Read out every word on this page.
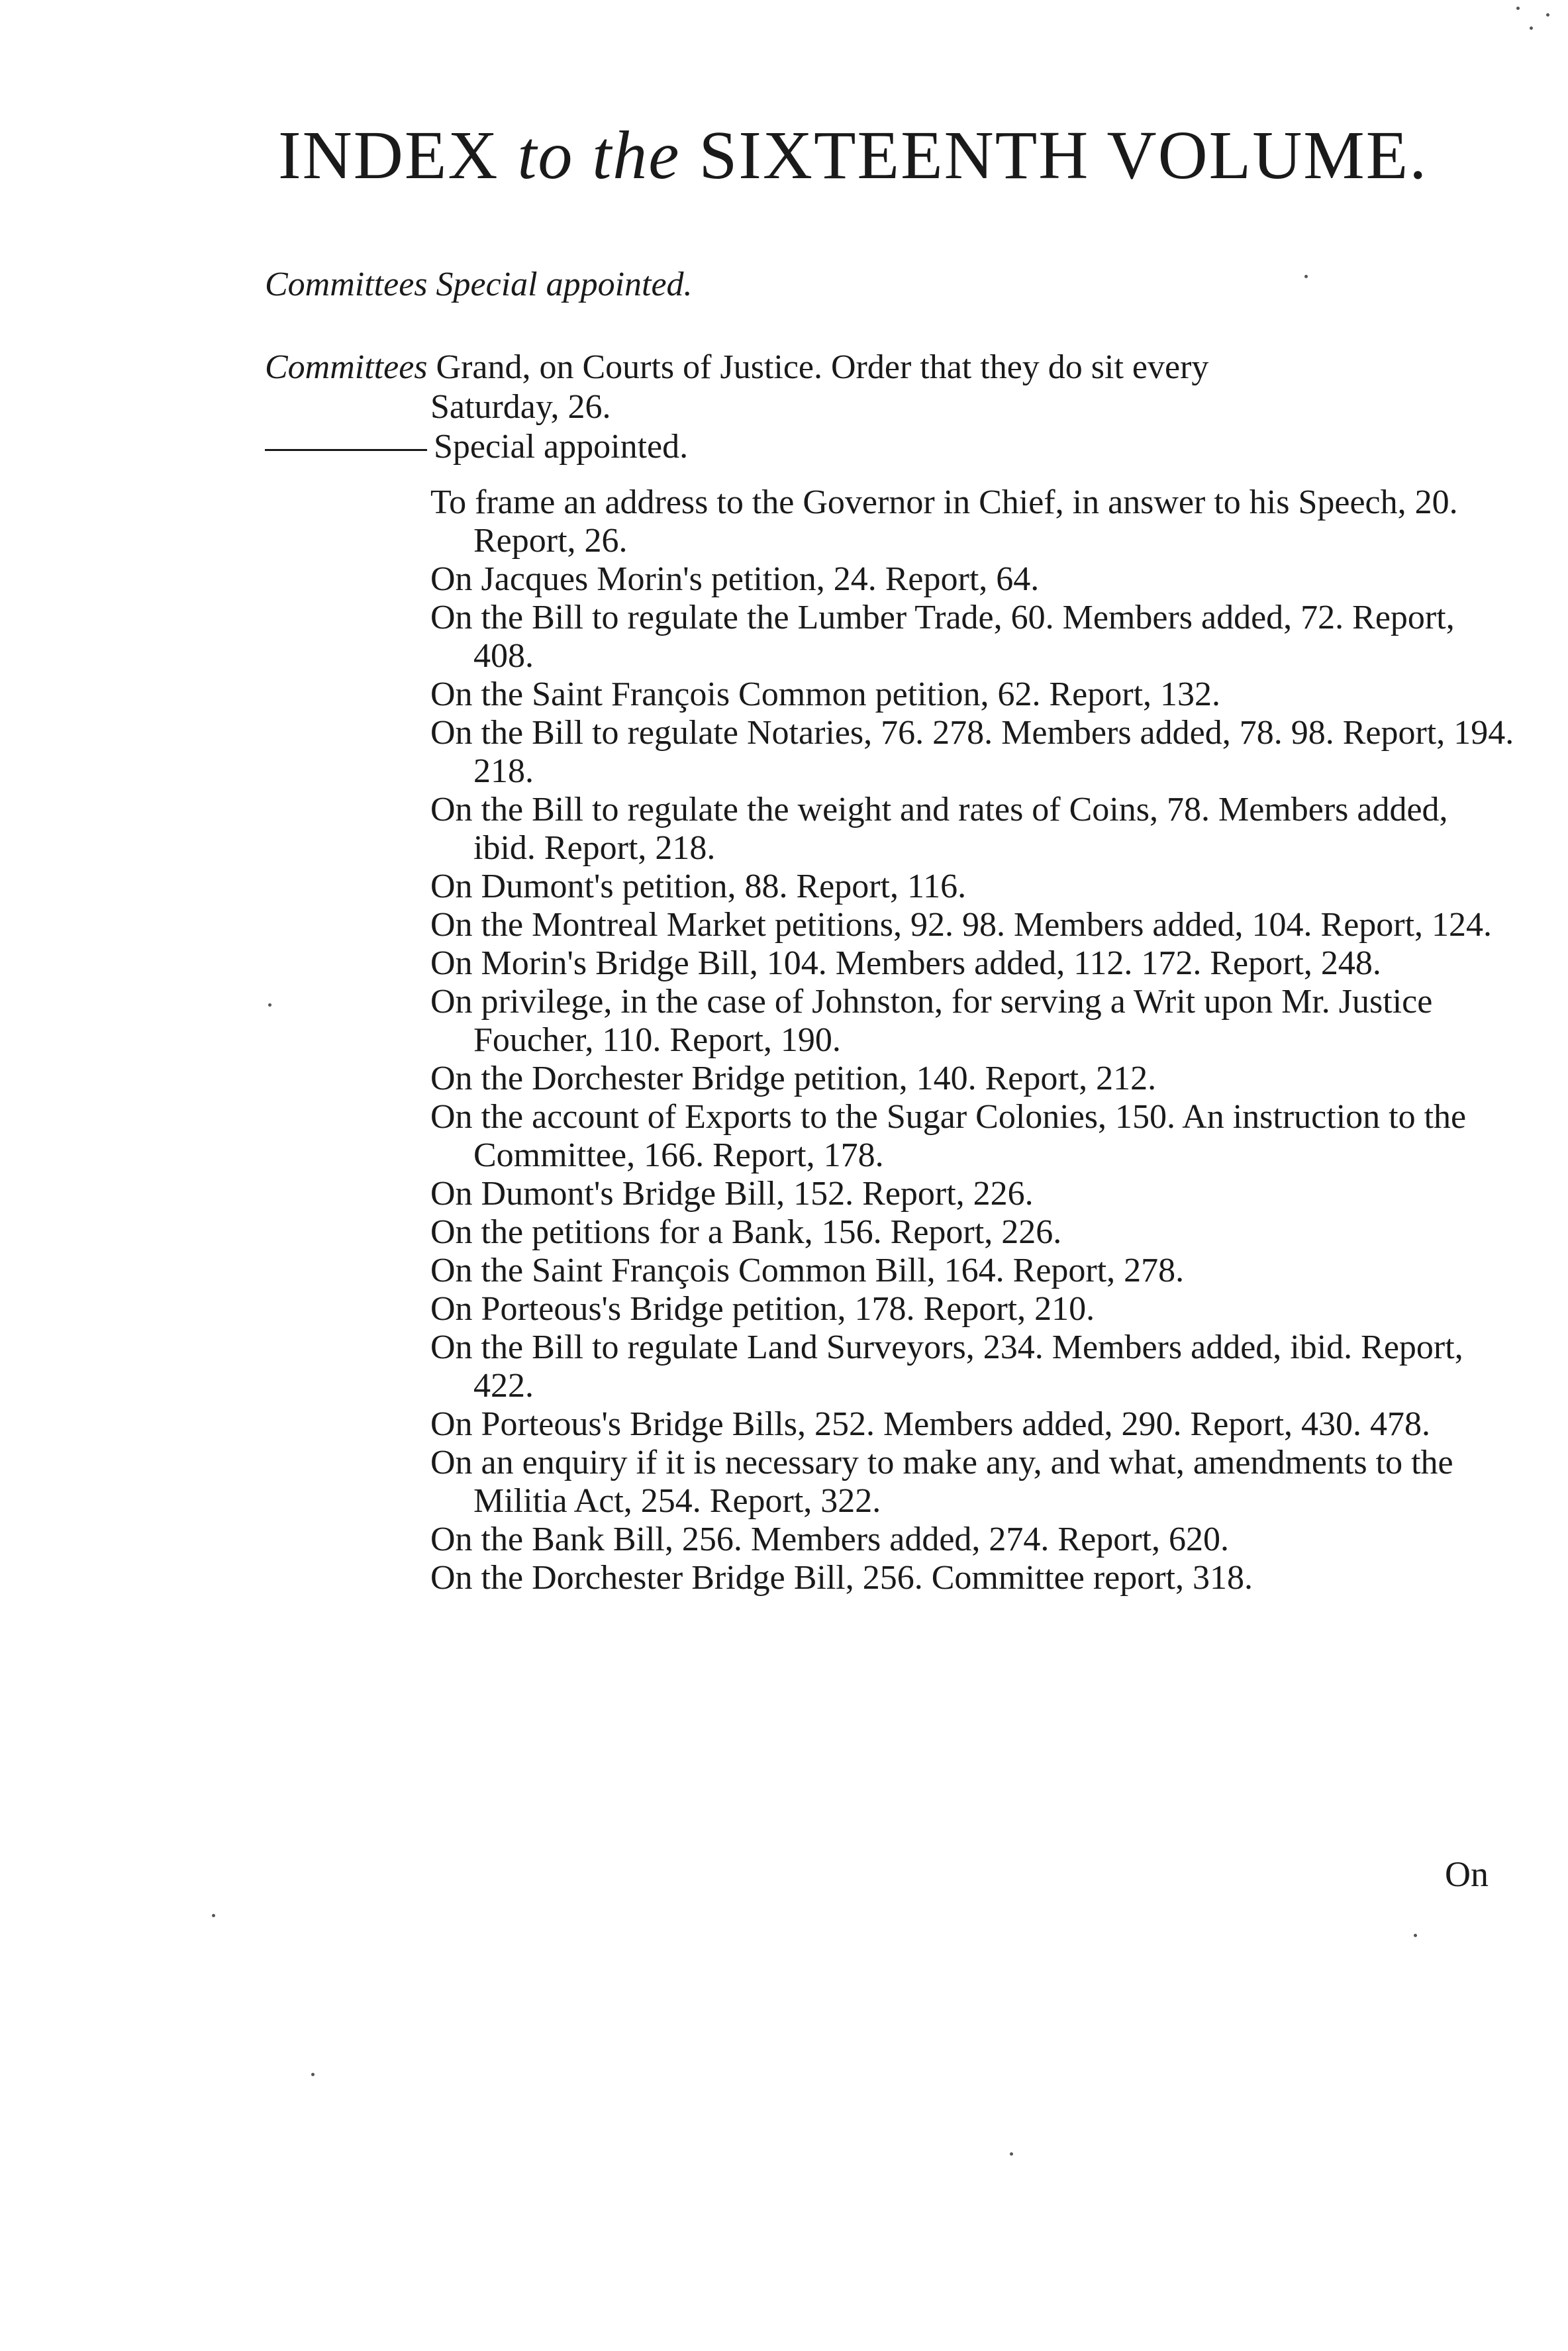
INDEX to the SIXTEENTH VOLUME.
Committees Special appointed.
Committees Grand, on Courts of Justice. Order that they do sit every
Saturday, 26.
Special appointed.
To frame an address to the Governor in Chief, in answer to his Speech, 20. Report, 26.
On Jacques Morin's petition, 24. Report, 64.
On the Bill to regulate the Lumber Trade, 60. Members added, 72. Report, 408.
On the Saint François Common petition, 62. Report, 132.
On the Bill to regulate Notaries, 76. 278. Members added, 78. 98. Report, 194. 218.
On the Bill to regulate the weight and rates of Coins, 78. Members added, ibid. Report, 218.
On Dumont's petition, 88. Report, 116.
On the Montreal Market petitions, 92. 98. Members added, 104. Report, 124.
On Morin's Bridge Bill, 104. Members added, 112. 172. Report, 248.
On privilege, in the case of Johnston, for serving a Writ upon Mr. Justice Foucher, 110. Report, 190.
On the Dorchester Bridge petition, 140. Report, 212.
On the account of Exports to the Sugar Colonies, 150. An instruction to the Committee, 166. Report, 178.
On Dumont's Bridge Bill, 152. Report, 226.
On the petitions for a Bank, 156. Report, 226.
On the Saint François Common Bill, 164. Report, 278.
On Porteous's Bridge petition, 178. Report, 210.
On the Bill to regulate Land Surveyors, 234. Members added, ibid. Report, 422.
On Porteous's Bridge Bills, 252. Members added, 290. Report, 430. 478.
On an enquiry if it is necessary to make any, and what, amendments to the Militia Act, 254. Report, 322.
On the Bank Bill, 256. Members added, 274. Report, 620.
On the Dorchester Bridge Bill, 256. Committee report, 318.
On
